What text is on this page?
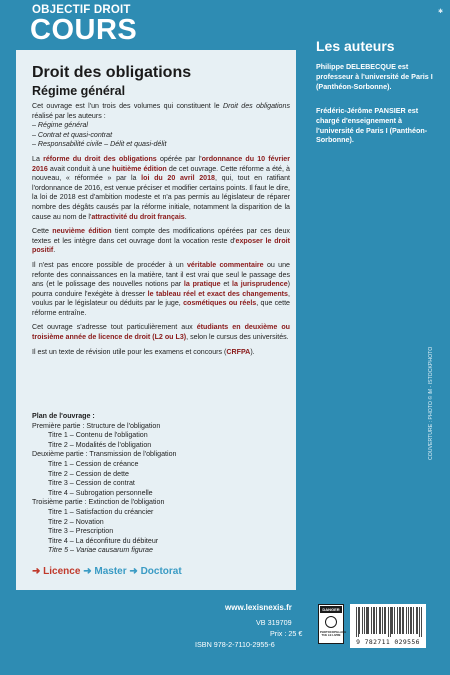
✱
OBJECTIF DROIT
COURS
Droit des obligations
Régime général

Cet ouvrage est l'un trois des volumes qui constituent le Droit des obligations réalisé par les auteurs :
– Régime général
– Contrat et quasi-contrat
– Responsabilité civile – Délit et quasi-délit

La réforme du droit des obligations opérée par l'ordonnance du 10 février 2016 avait conduit à une huitième édition de cet ouvrage. Cette réforme a été, à nouveau, « réformée » par la loi du 20 avril 2018, qui, tout en ratifiant l'ordonnance de 2016, est venue préciser et modifier certains points. Il faut le dire, la loi de 2018 est d'ambition modeste et n'a pas permis au législateur de réparer nombre des dégâts causés par la réforme initiale, notamment la disparition de la cause au nom de l'attractivité du droit français.

Cette neuvième édition tient compte des modifications opérées par ces deux textes et les intègre dans cet ouvrage dont la vocation reste d'exposer le droit positif.

Il n'est pas encore possible de procéder à un véritable commentaire ou une refonte des connaissances en la matière, tant il est vrai que seul le passage des ans (et le polissage des nouvelles notions par la pratique et la jurisprudence) pourra conduire l'exégète à dresser le tableau réel et exact des changements, voulus par le législateur ou déduits par le juge, cosmétiques ou réels, que cette réforme entraîne.

Cet ouvrage s'adresse tout particulièrement aux étudiants en deuxième ou troisième année de licence de droit (L2 ou L3), selon le cursus des universités.

Il est un texte de révision utile pour les examens et concours (CRFPA).

Plan de l'ouvrage :
Première partie : Structure de l'obligation
Titre 1 – Contenu de l'obligation
Titre 2 – Modalités de l'obligation
Deuxième partie : Transmission de l'obligation
Titre 1 – Cession de créance
Titre 2 – Cession de dette
Titre 3 – Cession de contrat
Titre 4 – Subrogation personnelle
Troisième partie : Extinction de l'obligation
Titre 1 – Satisfaction du créancier
Titre 2 – Novation
Titre 3 – Prescription
Titre 4 – La déconfiture du débiteur
Titre 5 – Variae causarum figurae
➜ Licence ➜ Master ➜ Doctorat
Les auteurs
Philippe DELEBECQUE est professeur à l'université de Paris I (Panthéon-Sorbonne).
Frédéric-Jérôme PANSIER est chargé d'enseignement à l'université de Paris I (Panthéon-Sorbonne).
COUVERTURE : PHOTO © iM - ISTOCKPHOTO
www.lexisnexis.fr
VB 319709
Prix : 25 €
ISBN 978-2-7110-2955-6
DANGER
PHOTOCOPILLAGE TUE LE LIVRE
9 782711 029556
